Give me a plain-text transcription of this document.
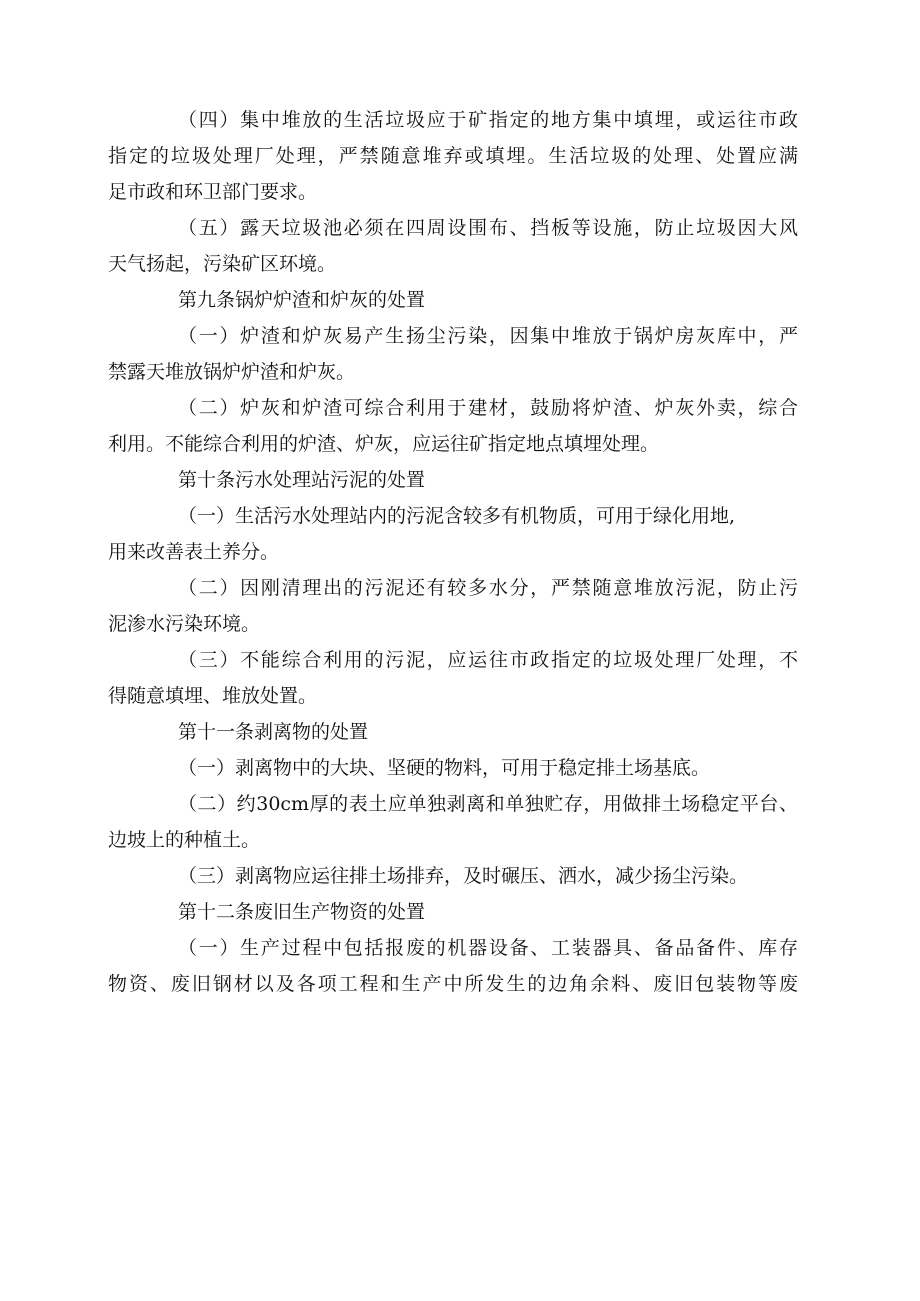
（四）集中堆放的生活垃圾应于矿指定的地方集中填埋，或运往市政
指定的垃圾处理厂处理，严禁随意堆弃或填埋。生活垃圾的处理、处置应满
足市政和环卫部门要求。
（五）露天垃圾池必须在四周设围布、挡板等设施，防止垃圾因大风
天气扬起，污染矿区环境。
第九条锅炉炉渣和炉灰的处置
（一）炉渣和炉灰易产生扬尘污染，因集中堆放于锅炉房灰库中，严
禁露天堆放锅炉炉渣和炉灰。
（二）炉灰和炉渣可综合利用于建材，鼓励将炉渣、炉灰外卖，综合
利用。不能综合利用的炉渣、炉灰，应运往矿指定地点填埋处理。
第十条污水处理站污泥的处置
（一）生活污水处理站内的污泥含较多有机物质，可用于绿化用地,
用来改善表土养分。
（二）因刚清理出的污泥还有较多水分，严禁随意堆放污泥，防止污
泥渗水污染环境。
（三）不能综合利用的污泥，应运往市政指定的垃圾处理厂处理，不
得随意填埋、堆放处置。
第十一条剥离物的处置
（一）剥离物中的大块、坚硬的物料，可用于稳定排土场基底。
（二）约30cm厚的表土应单独剥离和单独贮存，用做排土场稳定平台、
边坡上的种植土。
（三）剥离物应运往排土场排弃，及时碾压、洒水，减少扬尘污染。
第十二条废旧生产物资的处置
（一）生产过程中包括报废的机器设备、工装器具、备品备件、库存
物资、废旧钢材以及各项工程和生产中所发生的边角余料、废旧包装物等废
